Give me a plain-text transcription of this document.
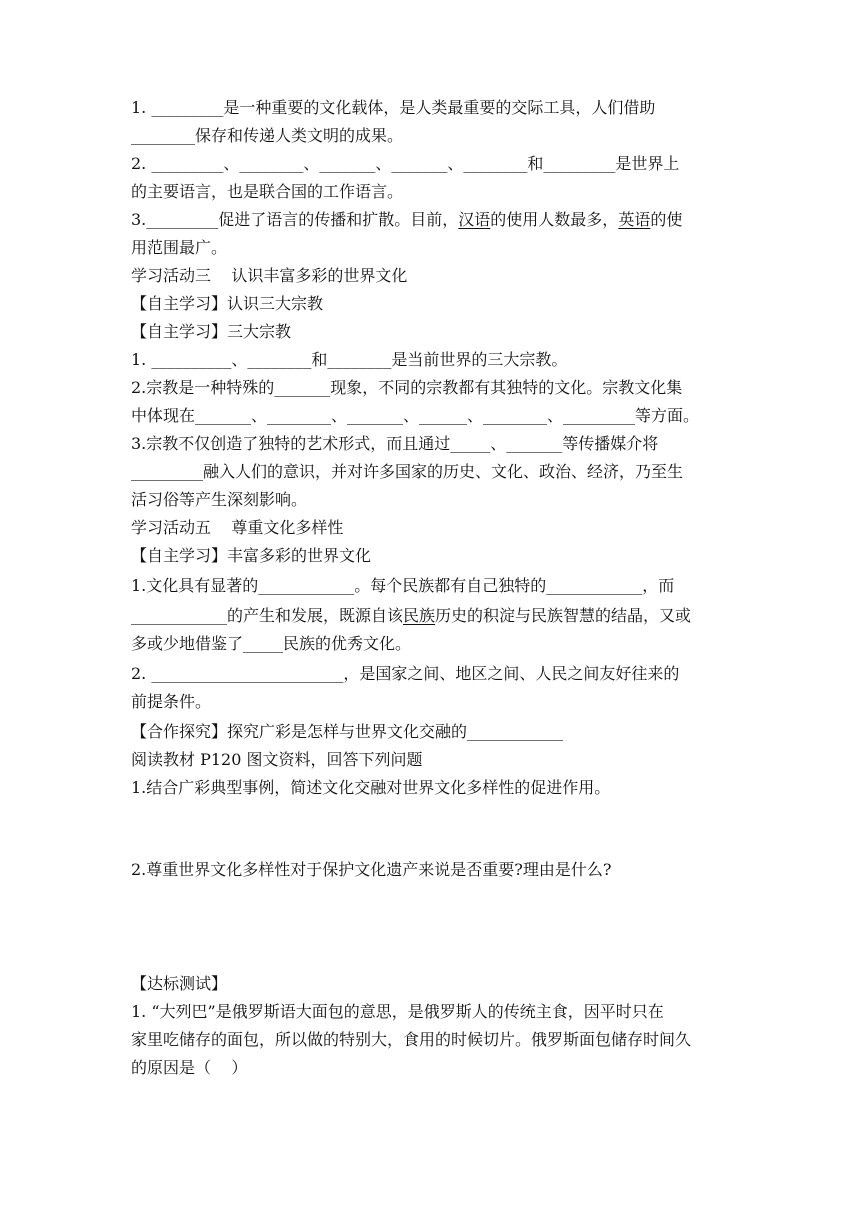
1. _________是一种重要的文化载体，是人类最重要的交际工具，人们借助
________保存和传递人类文明的成果。
2. _________、________、_______、_______、________和_________是世界上
的主要语言，也是联合国的工作语言。
3._________促进了语言的传播和扩散。目前，汉语的使用人数最多，英语的使
用范围最广。
学习活动三    认识丰富多彩的世界文化
【自主学习】认识三大宗教
【自主学习】三大宗教
1. __________、________和________是当前世界的三大宗教。
2.宗教是一种特殊的_______现象，不同的宗教都有其独特的文化。宗教文化集
中体现在_______、________、_______、______、________、_________等方面。
3.宗教不仅创造了独特的艺术形式，而且通过_____、_______等传播媒介将
_________融入人们的意识，并对许多国家的历史、文化、政治、经济，乃至生
活习俗等产生深刻影响。
学习活动五    尊重文化多样性
【自主学习】丰富多彩的世界文化
1.文化具有显著的____________。每个民族都有自己独特的____________，而
____________的产生和发展，既源自该民族历史的积淀与民族智慧的结晶，又或
多或少地借鉴了_____民族的优秀文化。
2. ________________________，是国家之间、地区之间、人民之间友好往来的
前提条件。
【合作探究】探究广彩是怎样与世界文化交融的____________
阅读教材 P120 图文资料，回答下列问题
1.结合广彩典型事例，简述文化交融对世界文化多样性的促进作用。
2.尊重世界文化多样性对于保护文化遗产来说是否重要?理由是什么?
【达标测试】
1. “大列巴”是俄罗斯语大面包的意思，是俄罗斯人的传统主食，因平时只在
家里吃储存的面包，所以做的特别大，食用的时候切片。俄罗斯面包储存时间久
的原因是（    ）
